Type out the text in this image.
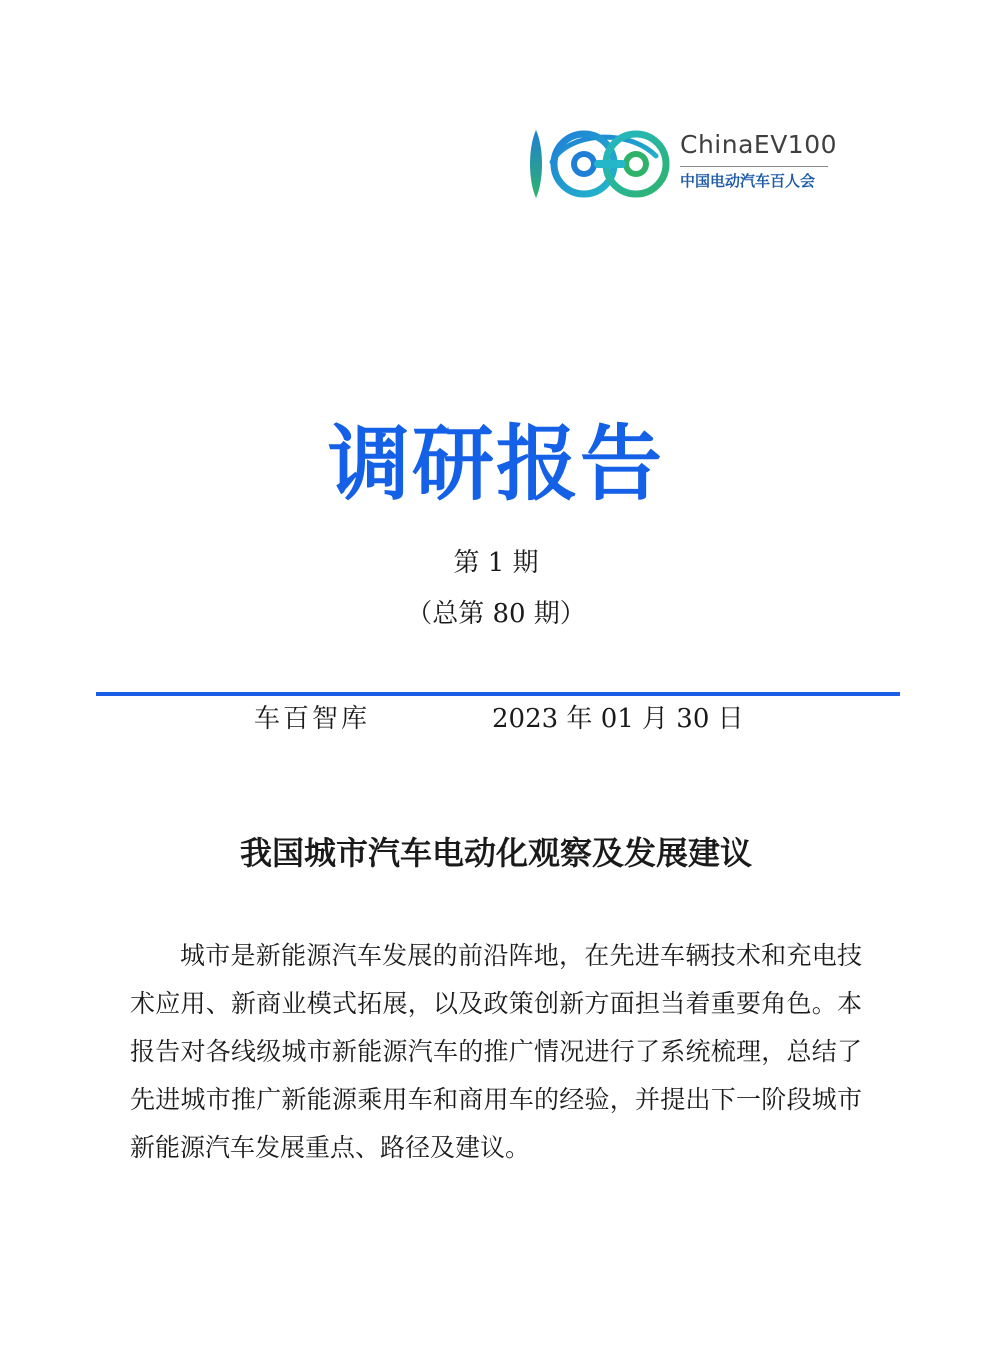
ChinaEV100
中国电动汽车百人会
调研报告
第 1 期
（总第 80 期）
车百智库	2023 年 01 月 30 日
我国城市汽车电动化观察及发展建议

城市是新能源汽车发展的前沿阵地，在先进车辆技术和充电技术应用、新商业模式拓展，以及政策创新方面担当着重要角色。本报告对各线级城市新能源汽车的推广情况进行了系统梳理，总结了先进城市推广新能源乘用车和商用车的经验，并提出下一阶段城市新能源汽车发展重点、路径及建议。
